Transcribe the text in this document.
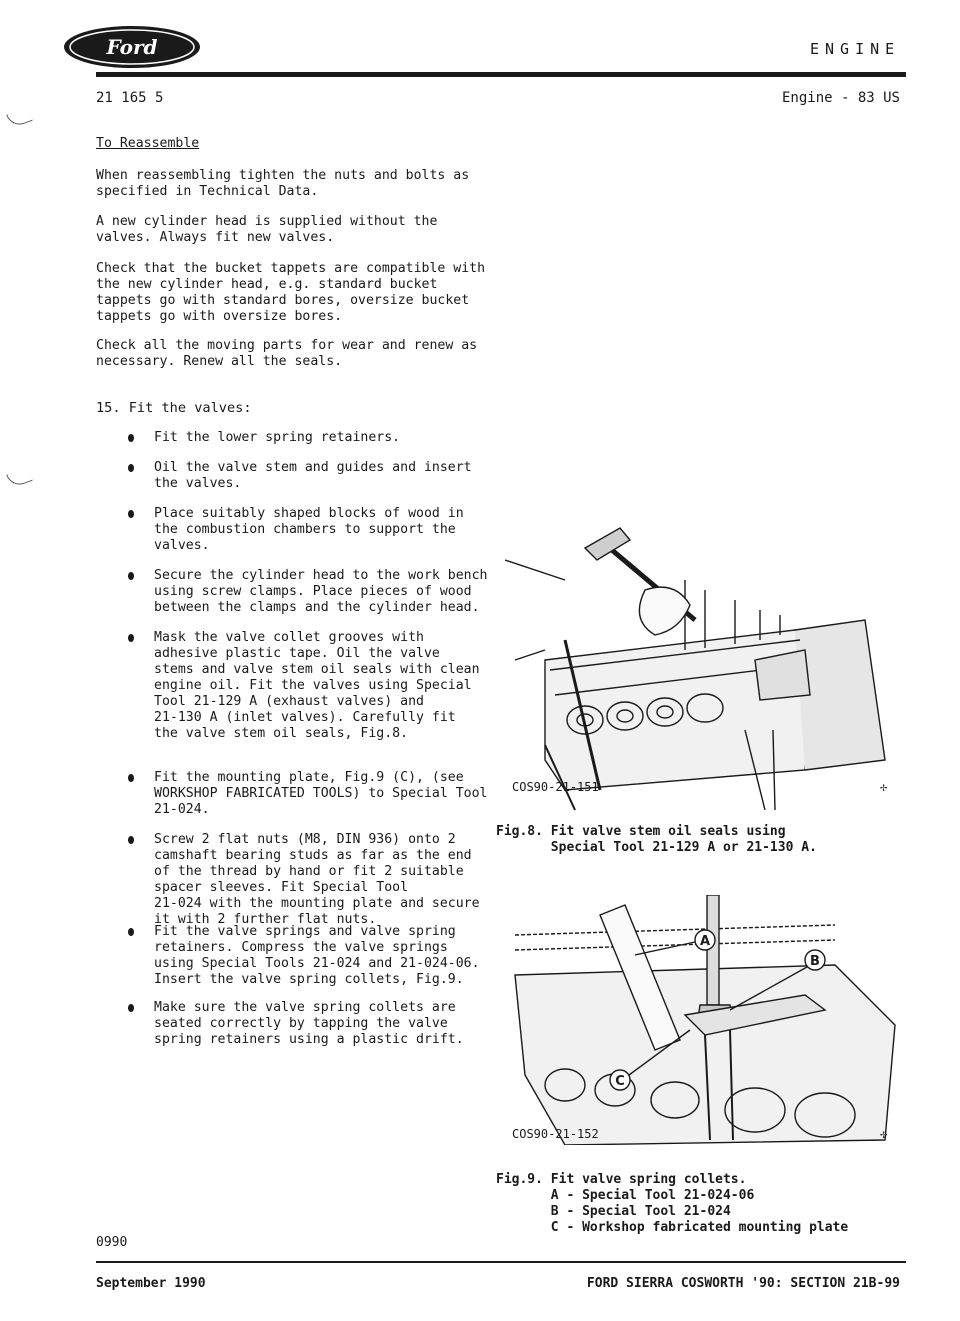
Ford	ENGINE
21 165 5	Engine - 83 US
To Reassemble
When reassembling tighten the nuts and bolts as
specified in Technical Data.
A new cylinder head is supplied without the
valves. Always fit new valves.
Check that the bucket tappets are compatible with
the new cylinder head, e.g. standard bucket
tappets go with standard bores, oversize bucket
tappets go with oversize bores.
Check all the moving parts for wear and renew as
necessary. Renew all the seals.
15. Fit the valves:
Fit the lower spring retainers.
Oil the valve stem and guides and insert
the valves.
Place suitably shaped blocks of wood in
the combustion chambers to support the
valves.
Secure the cylinder head to the work bench
using screw clamps. Place pieces of wood
between the clamps and the cylinder head.
Mask the valve collet grooves with
adhesive plastic tape. Oil the valve
stems and valve stem oil seals with clean
engine oil. Fit the valves using Special
Tool 21-129 A (exhaust valves) and
21-130 A (inlet valves). Carefully fit
the valve stem oil seals, Fig.8.
Fit the mounting plate, Fig.9 (C), (see
WORKSHOP FABRICATED TOOLS) to Special Tool
21-024.
Screw 2 flat nuts (M8, DIN 936) onto 2
camshaft bearing studs as far as the end
of the thread by hand or fit 2 suitable
spacer sleeves. Fit Special Tool
21-024 with the mounting plate and secure
it with 2 further flat nuts.
Fit the valve springs and valve spring
retainers. Compress the valve springs
using Special Tools 21-024 and 21-024-06.
Insert the valve spring collets, Fig.9.
Make sure the valve spring collets are
seated correctly by tapping the valve
spring retainers using a plastic drift.
COS90-21-151	✢
Fig.8. Fit valve stem oil seals using
Special Tool 21-129 A or 21-130 A.
A
B
C
COS90-21-152	✢
Fig.9. Fit valve spring collets.
A - Special Tool 21-024-06
B - Special Tool 21-024
C - Workshop fabricated mounting plate
0990
September 1990	FORD SIERRA COSWORTH '90: SECTION 21B-99
